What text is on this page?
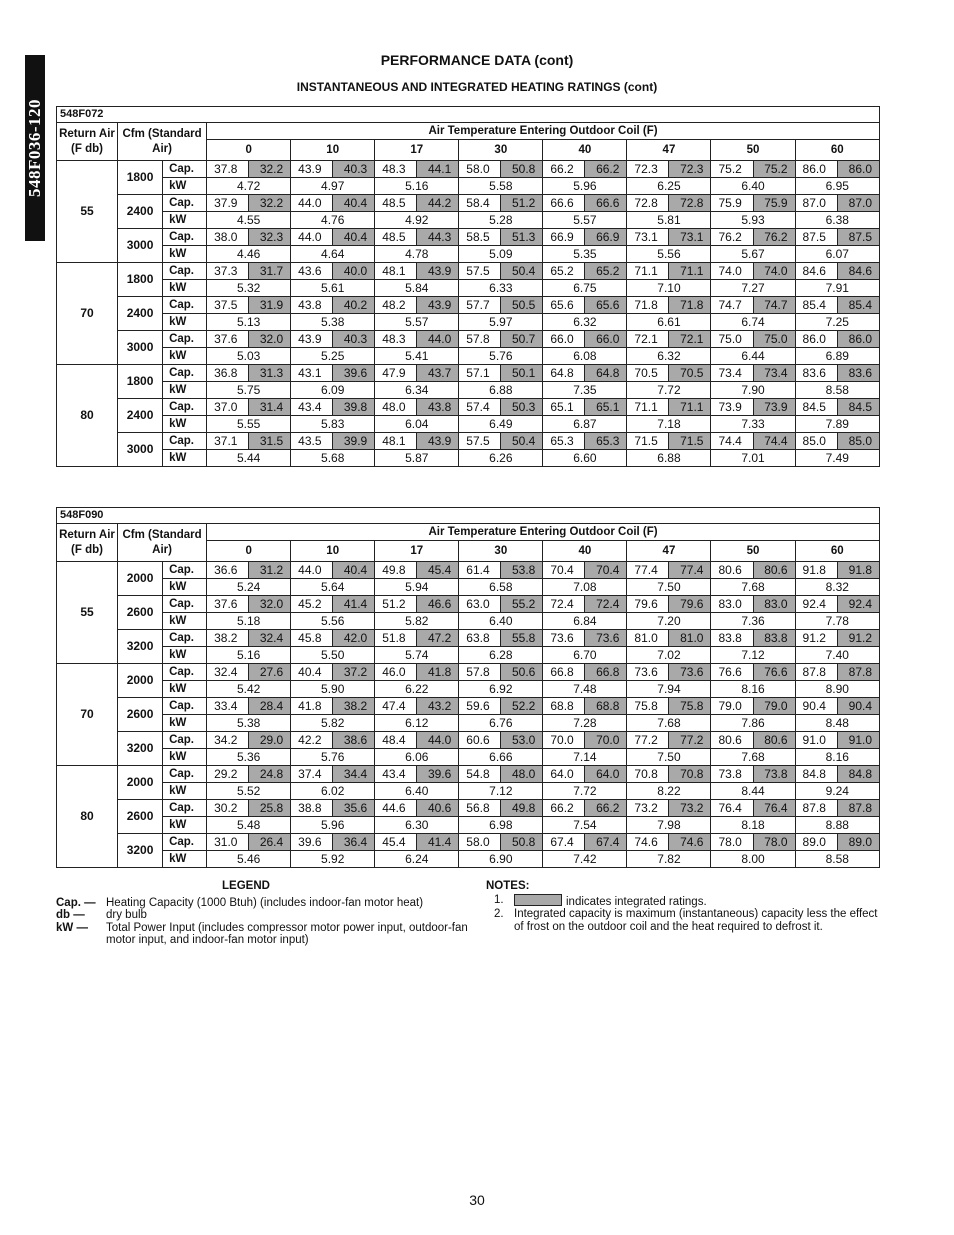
548F036-120
PERFORMANCE DATA (cont)
INSTANTANEOUS AND INTEGRATED HEATING RATINGS (cont)
548F072																		
Return Air (F db)	Cfm (Standard Air)		Air Temperature Entering Outdoor Coil (F)															
			0		10		17		30		40		47		50		60	
55	1800	Cap.	37.8	32.2	43.9	40.3	48.3	44.1	58.0	50.8	66.2	66.2	72.3	72.3	75.2	75.2	86.0	86.0
		kW	4.72		4.97		5.16		5.58		5.96		6.25		6.40		6.95	
	2400	Cap.	37.9	32.2	44.0	40.4	48.5	44.2	58.4	51.2	66.6	66.6	72.8	72.8	75.9	75.9	87.0	87.0
		kW	4.55		4.76		4.92		5.28		5.57		5.81		5.93		6.38	
	3000	Cap.	38.0	32.3	44.0	40.4	48.5	44.3	58.5	51.3	66.9	66.9	73.1	73.1	76.2	76.2	87.5	87.5
		kW	4.46		4.64		4.78		5.09		5.35		5.56		5.67		6.07	
70	1800	Cap.	37.3	31.7	43.6	40.0	48.1	43.9	57.5	50.4	65.2	65.2	71.1	71.1	74.0	74.0	84.6	84.6
		kW	5.32		5.61		5.84		6.33		6.75		7.10		7.27		7.91	
	2400	Cap.	37.5	31.9	43.8	40.2	48.2	43.9	57.7	50.5	65.6	65.6	71.8	71.8	74.7	74.7	85.4	85.4
		kW	5.13		5.38		5.57		5.97		6.32		6.61		6.74		7.25	
	3000	Cap.	37.6	32.0	43.9	40.3	48.3	44.0	57.8	50.7	66.0	66.0	72.1	72.1	75.0	75.0	86.0	86.0
		kW	5.03		5.25		5.41		5.76		6.08		6.32		6.44		6.89	
80	1800	Cap.	36.8	31.3	43.1	39.6	47.9	43.7	57.1	50.1	64.8	64.8	70.5	70.5	73.4	73.4	83.6	83.6
		kW	5.75		6.09		6.34		6.88		7.35		7.72		7.90		8.58	
	2400	Cap.	37.0	31.4	43.4	39.8	48.0	43.8	57.4	50.3	65.1	65.1	71.1	71.1	73.9	73.9	84.5	84.5
		kW	5.55		5.83		6.04		6.49		6.87		7.18		7.33		7.89	
	3000	Cap.	37.1	31.5	43.5	39.9	48.1	43.9	57.5	50.4	65.3	65.3	71.5	71.5	74.4	74.4	85.0	85.0
		kW	5.44		5.68		5.87		6.26		6.60		6.88		7.01		7.49	
548F090																		
Return Air (F db)	Cfm (Standard Air)		Air Temperature Entering Outdoor Coil (F)															
			0		10		17		30		40		47		50		60	
55	2000	Cap.	36.6	31.2	44.0	40.4	49.8	45.4	61.4	53.8	70.4	70.4	77.4	77.4	80.6	80.6	91.8	91.8
		kW	5.24		5.64		5.94		6.58		7.08		7.50		7.68		8.32	
	2600	Cap.	37.6	32.0	45.2	41.4	51.2	46.6	63.0	55.2	72.4	72.4	79.6	79.6	83.0	83.0	92.4	92.4
		kW	5.18		5.56		5.82		6.40		6.84		7.20		7.36		7.78	
	3200	Cap.	38.2	32.4	45.8	42.0	51.8	47.2	63.8	55.8	73.6	73.6	81.0	81.0	83.8	83.8	91.2	91.2
		kW	5.16		5.50		5.74		6.28		6.70		7.02		7.12		7.40	
70	2000	Cap.	32.4	27.6	40.4	37.2	46.0	41.8	57.8	50.6	66.8	66.8	73.6	73.6	76.6	76.6	87.8	87.8
		kW	5.42		5.90		6.22		6.92		7.48		7.94		8.16		8.90	
	2600	Cap.	33.4	28.4	41.8	38.2	47.4	43.2	59.6	52.2	68.8	68.8	75.8	75.8	79.0	79.0	90.4	90.4
		kW	5.38		5.82		6.12		6.76		7.28		7.68		7.86		8.48	
	3200	Cap.	34.2	29.0	42.2	38.6	48.4	44.0	60.6	53.0	70.0	70.0	77.2	77.2	80.6	80.6	91.0	91.0
		kW	5.36		5.76		6.06		6.66		7.14		7.50		7.68		8.16	
80	2000	Cap.	29.2	24.8	37.4	34.4	43.4	39.6	54.8	48.0	64.0	64.0	70.8	70.8	73.8	73.8	84.8	84.8
		kW	5.52		6.02		6.40		7.12		7.72		8.22		8.44		9.24	
	2600	Cap.	30.2	25.8	38.8	35.6	44.6	40.6	56.8	49.8	66.2	66.2	73.2	73.2	76.4	76.4	87.8	87.8
		kW	5.48		5.96		6.30		6.98		7.54		7.98		8.18		8.88	
	3200	Cap.	31.0	26.4	39.6	36.4	45.4	41.4	58.0	50.8	67.4	67.4	74.6	74.6	78.0	78.0	89.0	89.0
		kW	5.46		5.92		6.24		6.90		7.42		7.82		8.00		8.58	
LEGEND
Cap. — Heating Capacity (1000 Btuh) (includes indoor-fan motor heat)
db —	dry bulb
kW —	Total Power Input (includes compressor motor power input, outdoor-fan motor input, and indoor-fan motor input)
NOTES:
1.	indicates integrated ratings.
2. Integrated capacity is maximum (instantaneous) capacity less the effect of frost on the outdoor coil and the heat required to defrost it.
30
